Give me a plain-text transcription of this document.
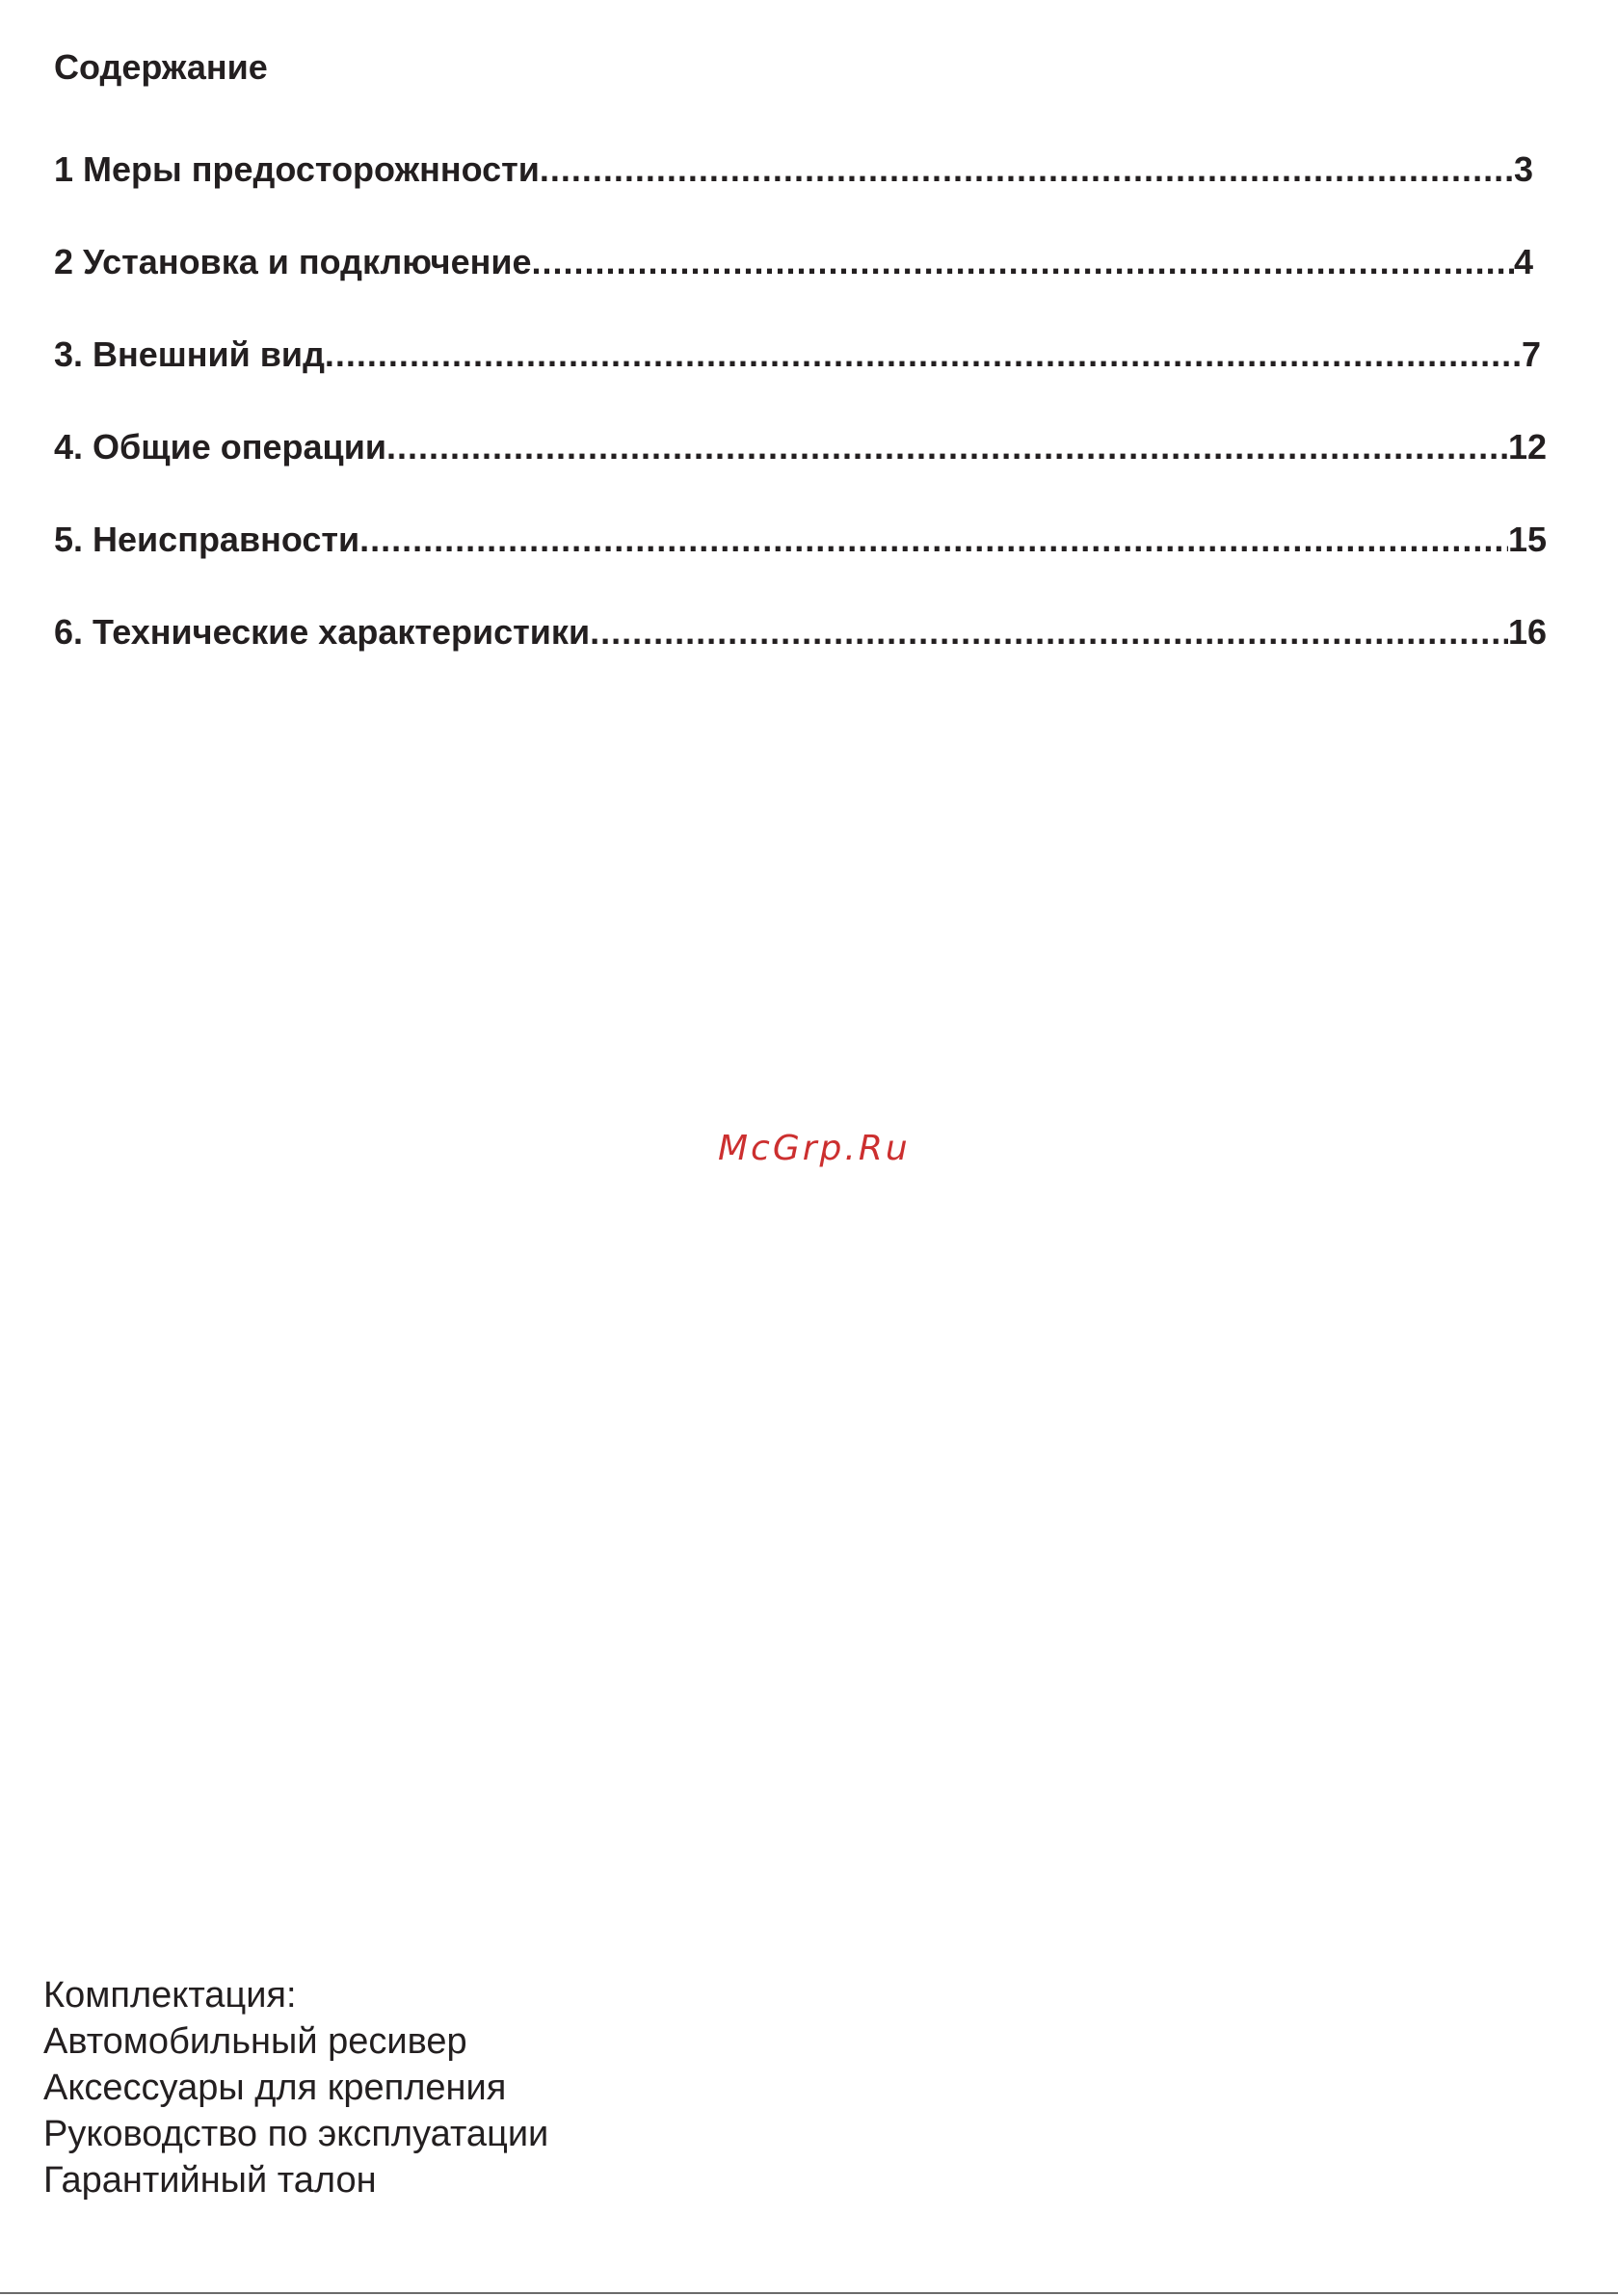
Содержание
1 Меры предосторожнности .....	3
2 Установка и подключение .....	4
3. Внешний вид .....	7
4. Общие операции .....	12
5. Неисправности .....	15
6. Технические характеристики .....	16
McGrp.Ru
Комплектация:
Автомобильный ресивер
Аксессуары для крепления
Руководство по эксплуатации
Гарантийный талон
